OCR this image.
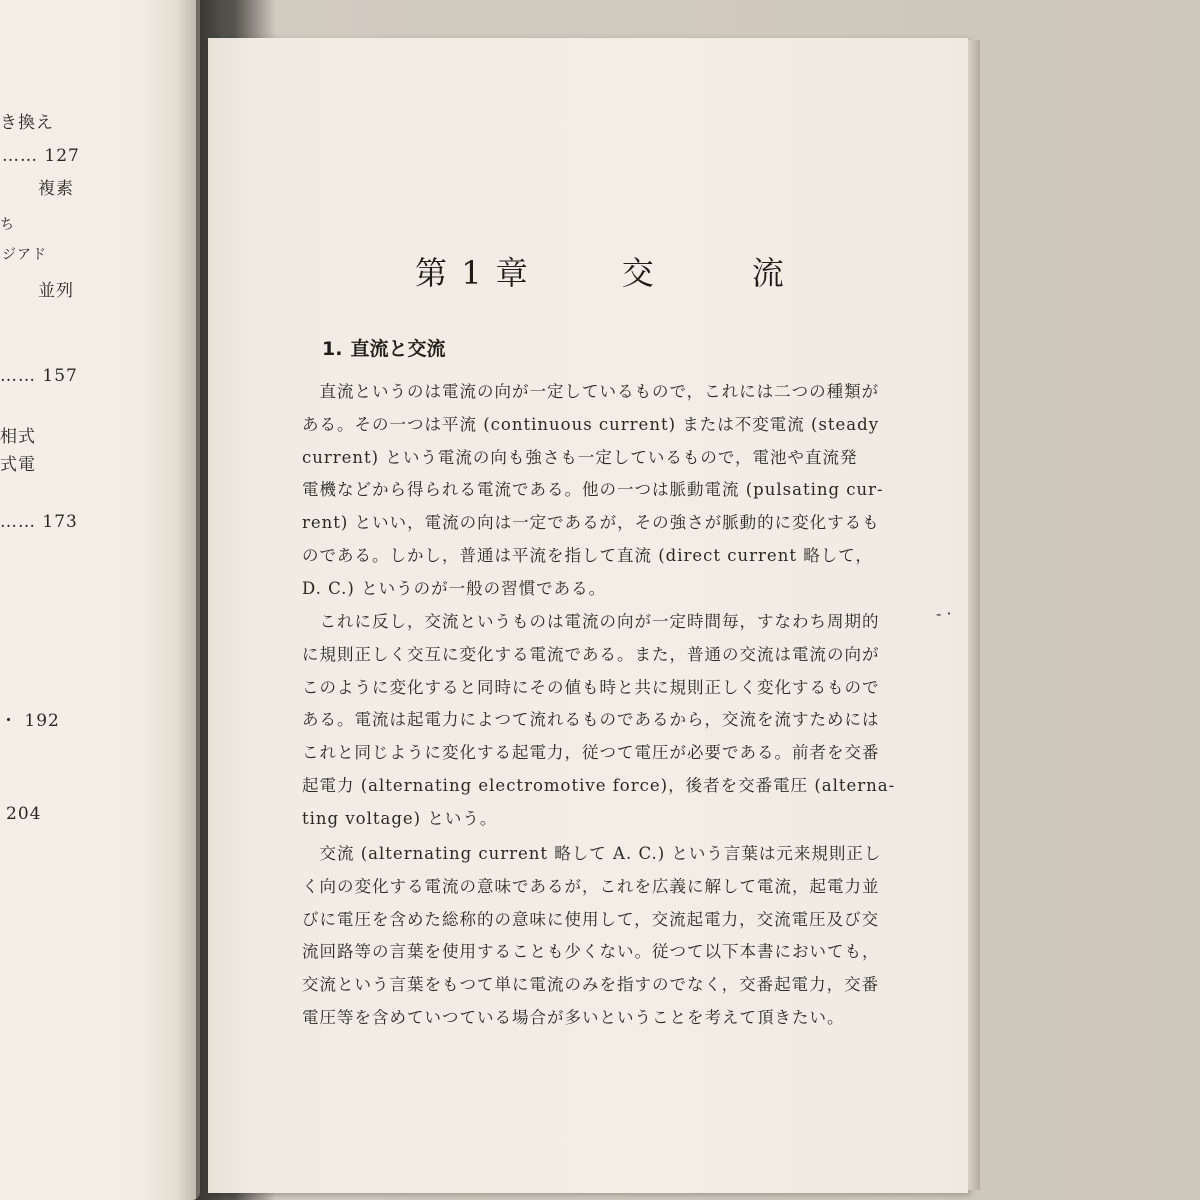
き換え
…… 127
複素
ち
ジアド
並列
…… 157
相式
式電
…… 173
・ 192
204
第 1 章	交	流
1. 直流と交流
　直流というのは電流の向が一定しているもので，これには二つの種類が
ある。その一つは平流 (continuous current) または不変電流 (steady
current) という電流の向も強さも一定しているもので，電池や直流発
電機などから得られる電流である。他の一つは脈動電流 (pulsating cur-
rent) といい，電流の向は一定であるが，その強さが脈動的に変化するも
のである。しかし，普通は平流を指して直流 (direct current 略して，
D. C.) というのが一般の習慣である。
　これに反し，交流というものは電流の向が一定時間毎，すなわち周期的
に規則正しく交互に変化する電流である。また，普通の交流は電流の向が
このように変化すると同時にその値も時と共に規則正しく変化するもので
ある。電流は起電力によつて流れるものであるから，交流を流すためには
これと同じように変化する起電力，従つて電圧が必要である。前者を交番
起電力 (alternating electromotive force)，後者を交番電圧 (alterna-
ting voltage) という。
　交流 (alternating current 略して A. C.) という言葉は元来規則正し
く向の変化する電流の意味であるが，これを広義に解して電流，起電力並
びに電圧を含めた総称的の意味に使用して，交流起電力，交流電圧及び交
流回路等の言葉を使用することも少くない。従つて以下本書においても，
交流という言葉をもつて単に電流のみを指すのでなく，交番起電力，交番
電圧等を含めていつている場合が多いということを考えて頂きたい。
- ·
